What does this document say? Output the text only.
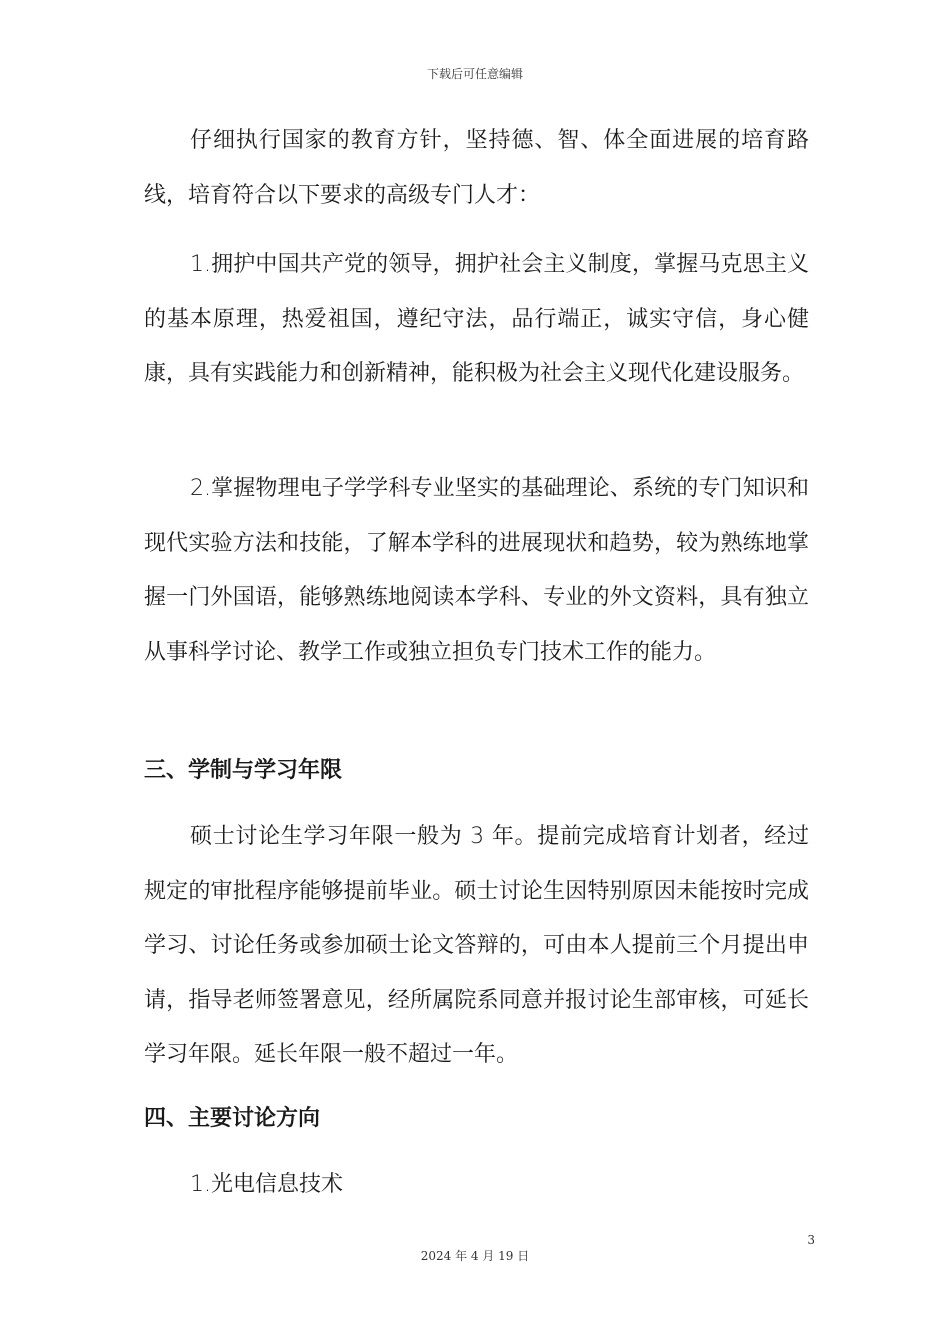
下载后可任意编辑

仔细执行国家的教育方针，坚持德、智、体全面进展的培育路线，培育符合以下要求的高级专门人才：

1.拥护中国共产党的领导，拥护社会主义制度，掌握马克思主义的基本原理，热爱祖国，遵纪守法，品行端正，诚实守信，身心健康，具有实践能力和创新精神，能积极为社会主义现代化建设服务。

2.掌握物理电子学学科专业坚实的基础理论、系统的专门知识和现代实验方法和技能，了解本学科的进展现状和趋势，较为熟练地掌握一门外国语，能够熟练地阅读本学科、专业的外文资料，具有独立从事科学讨论、教学工作或独立担负专门技术工作的能力。

三、学制与学习年限

硕士讨论生学习年限一般为 3 年。提前完成培育计划者，经过规定的审批程序能够提前毕业。硕士讨论生因特别原因未能按时完成学习、讨论任务或参加硕士论文答辩的，可由本人提前三个月提出申请，指导老师签署意见，经所属院系同意并报讨论生部审核，可延长学习年限。延长年限一般不超过一年。

四、主要讨论方向
1.光电信息技术
3
2024 年 4 月 19 日
